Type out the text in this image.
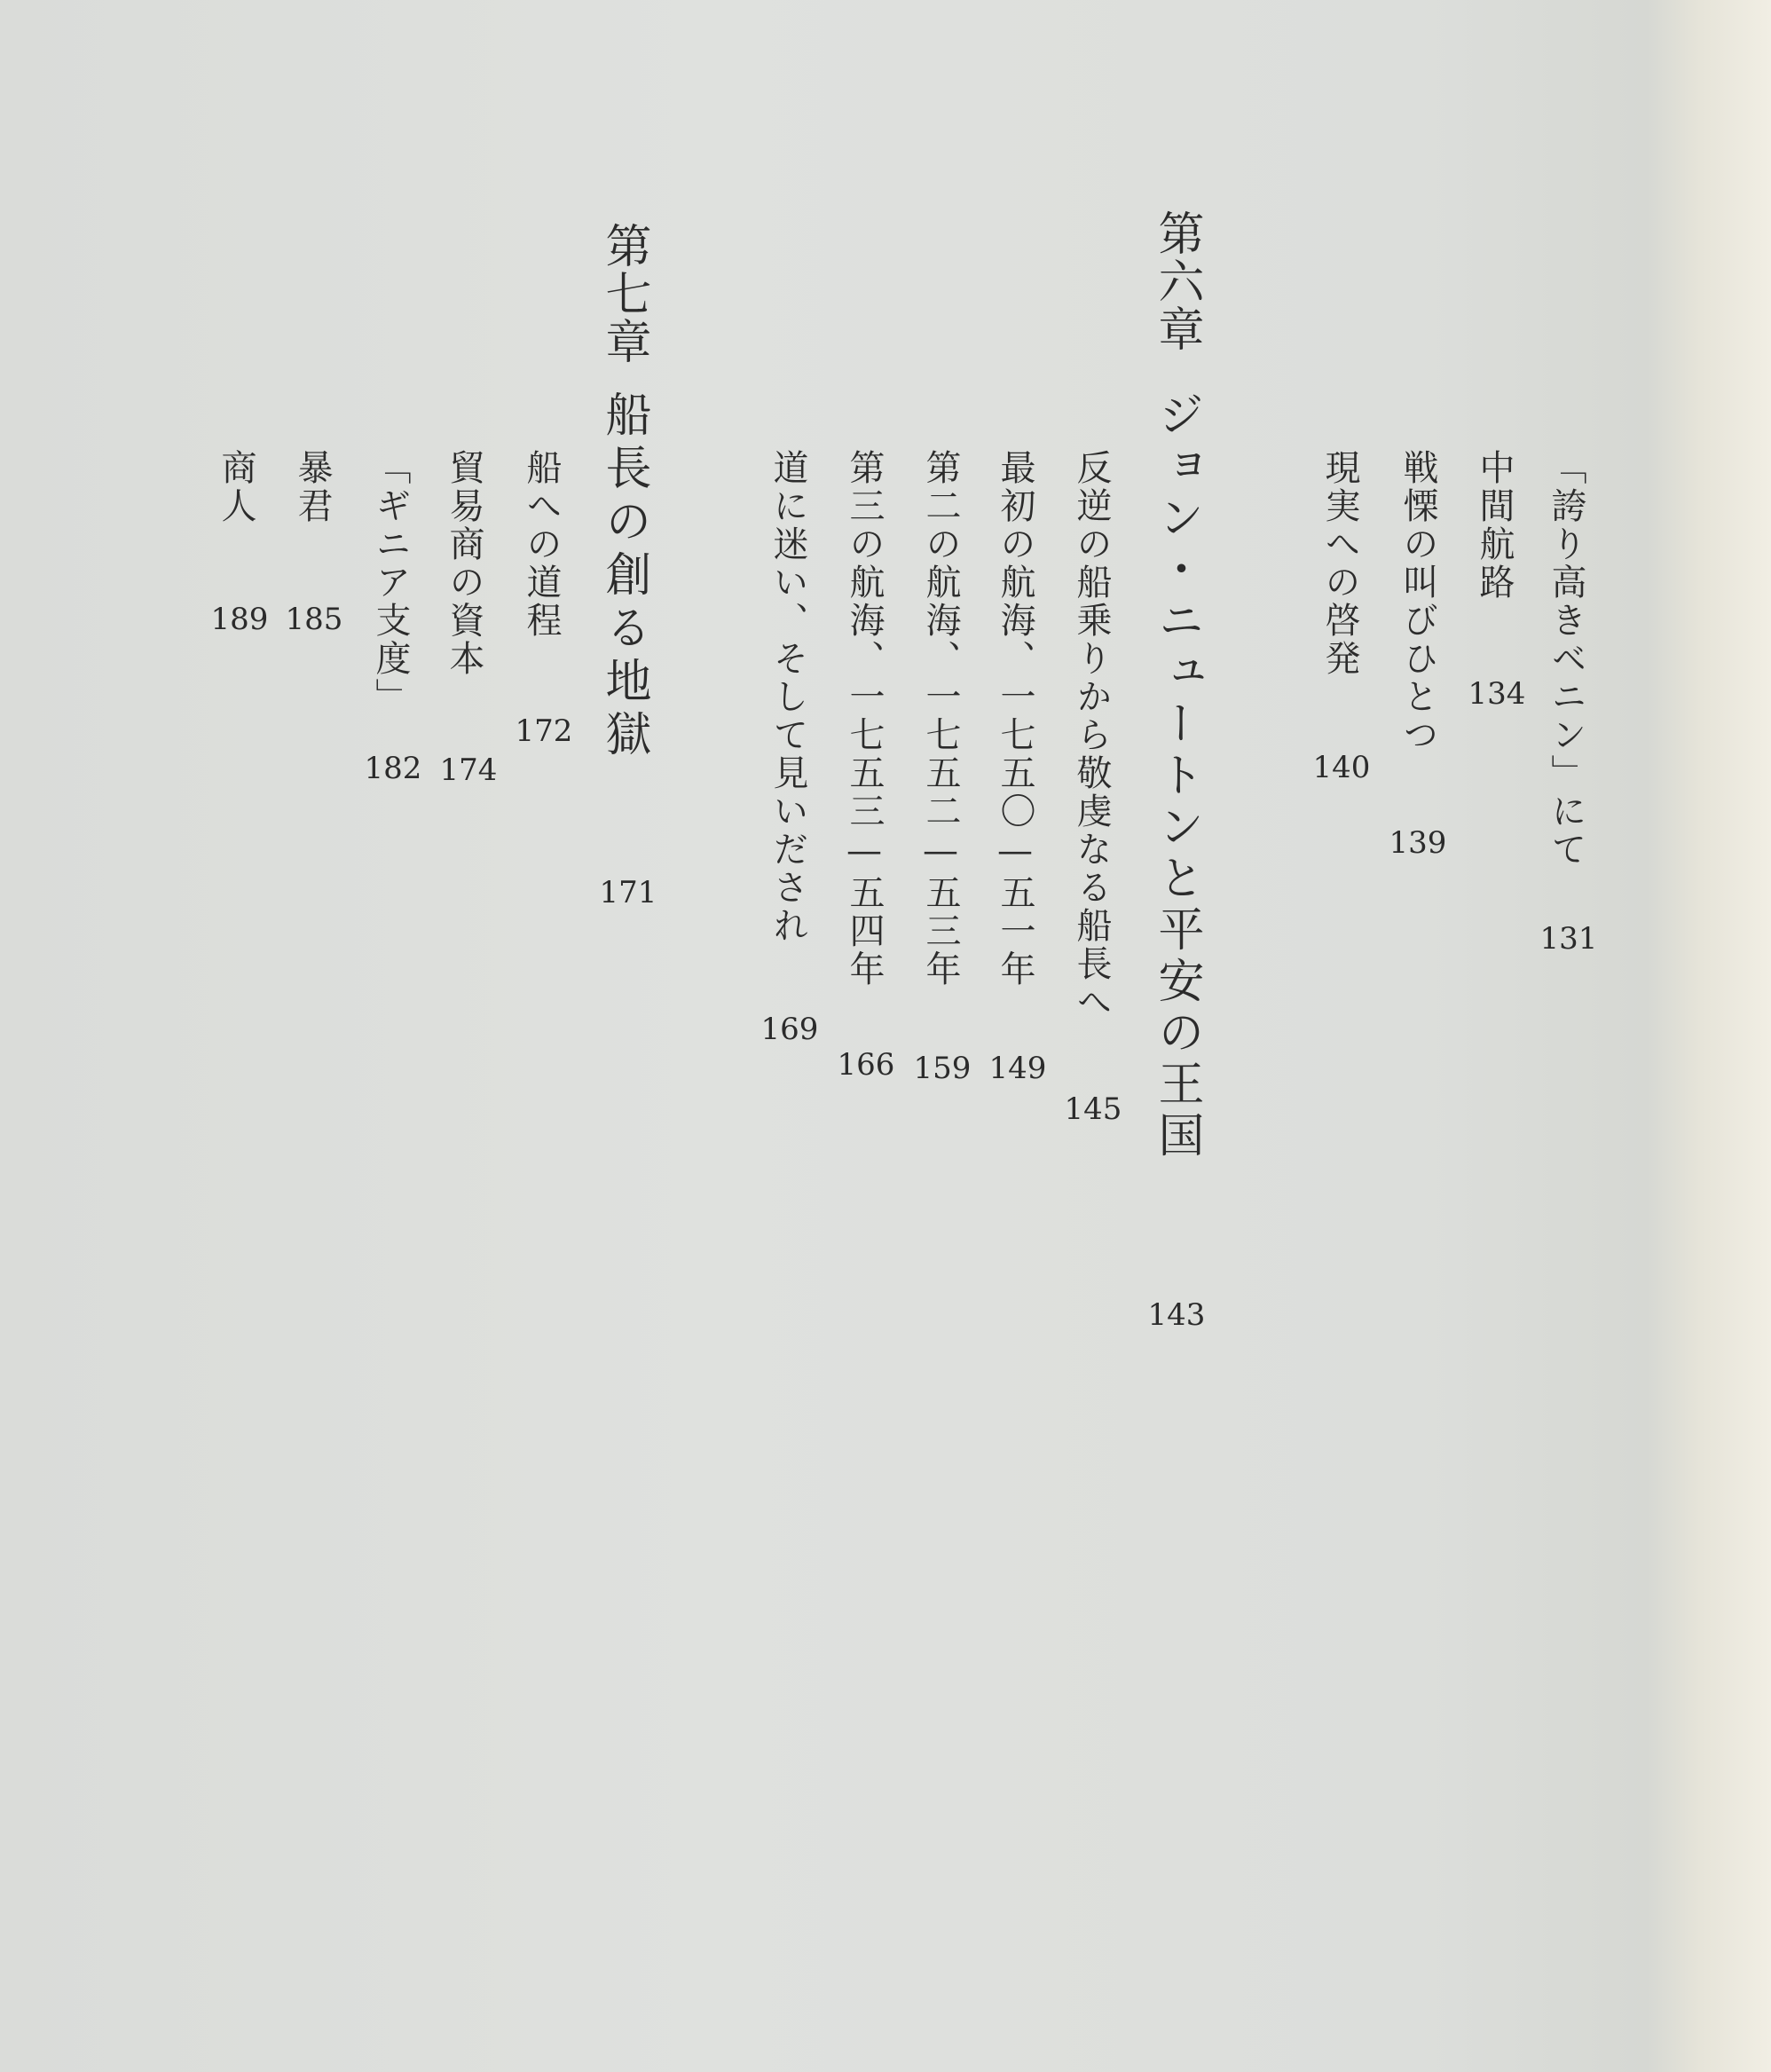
「誇り高きベニン」にて
131
中間航路
134
戦慄の叫びひとつ
139
現実への啓発
140
第六章
ジョン・ニュートンと平安の王国
143
反逆の船乗りから敬虔なる船長へ
145
最初の航海、一七五〇—五一年
149
第二の航海、一七五二—五三年
159
第三の航海、一七五三—五四年
166
道に迷い、そして見いだされ
169
第七章
船長の創る地獄
171
船への道程
172
貿易商の資本
174
「ギニア支度」
182
暴君
185
商人
189
